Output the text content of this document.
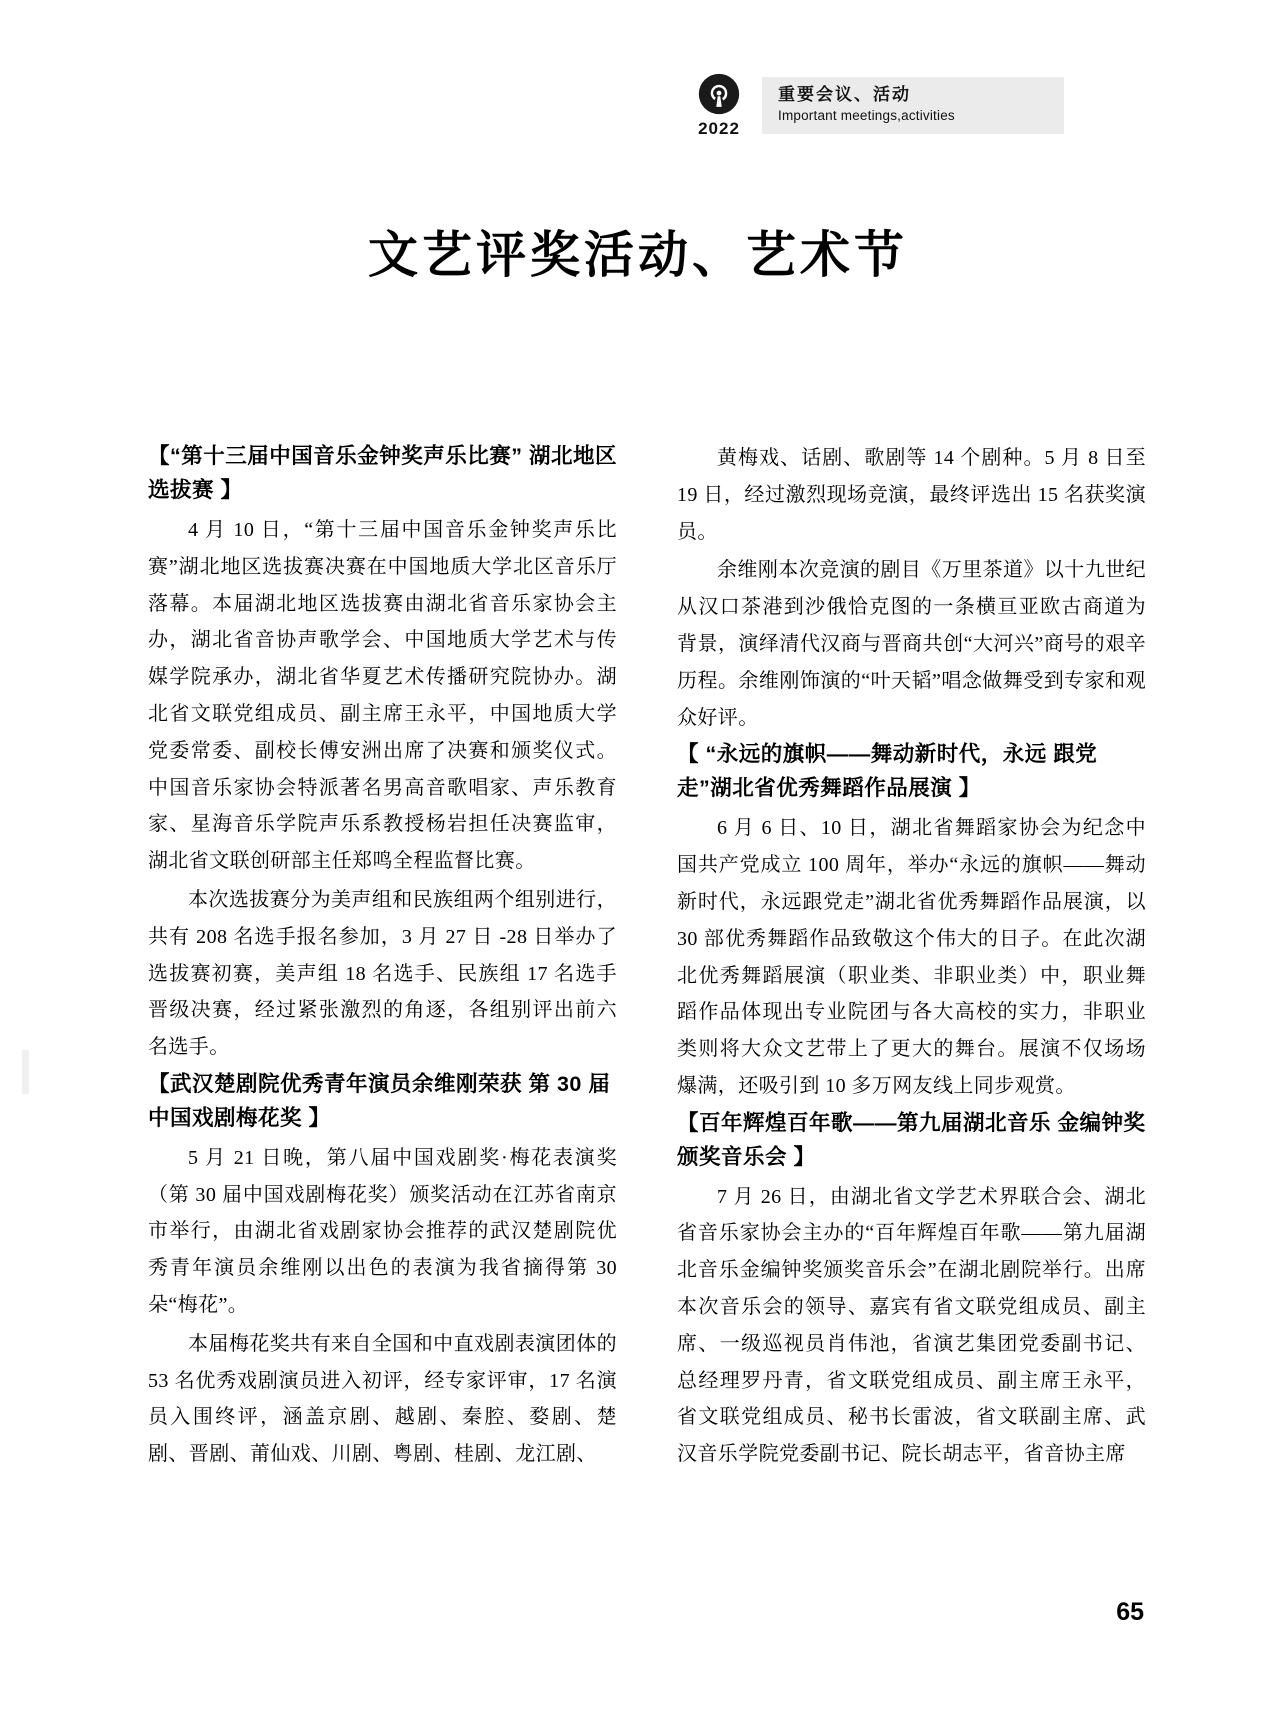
2022
重要会议、活动
Important meetings,activities
文艺评奖活动、艺术节
【“第十三届中国音乐金钟奖声乐比赛” 湖北地区选拔赛 】

4 月 10 日，“第十三届中国音乐金钟奖声乐比赛”湖北地区选拔赛决赛在中国地质大学北区音乐厅落幕。本届湖北地区选拔赛由湖北省音乐家协会主办，湖北省音协声歌学会、中国地质大学艺术与传媒学院承办，湖北省华夏艺术传播研究院协办。湖北省文联党组成员、副主席王永平，中国地质大学党委常委、副校长傅安洲出席了决赛和颁奖仪式。中国音乐家协会特派著名男高音歌唱家、声乐教育家、星海音乐学院声乐系教授杨岩担任决赛监审，湖北省文联创研部主任郑鸣全程监督比赛。

本次选拔赛分为美声组和民族组两个组别进行，共有 208 名选手报名参加，3 月 27 日 -28 日举办了选拔赛初赛，美声组 18 名选手、民族组 17 名选手晋级决赛，经过紧张激烈的角逐，各组别评出前六名选手。

【武汉楚剧院优秀青年演员余维刚荣获 第 30 届中国戏剧梅花奖 】

5 月 21 日晚，第八届中国戏剧奖·梅花表演奖（第 30 届中国戏剧梅花奖）颁奖活动在江苏省南京市举行，由湖北省戏剧家协会推荐的武汉楚剧院优秀青年演员余维刚以出色的表演为我省摘得第 30 朵“梅花”。

本届梅花奖共有来自全国和中直戏剧表演团体的 53 名优秀戏剧演员进入初评，经专家评审，17 名演员入围终评，涵盖京剧、越剧、秦腔、婺剧、楚剧、晋剧、莆仙戏、川剧、粤剧、桂剧、龙江剧、

黄梅戏、话剧、歌剧等 14 个剧种。5 月 8 日至 19 日，经过激烈现场竞演，最终评选出 15 名获奖演员。

余维刚本次竞演的剧目《万里茶道》以十九世纪从汉口茶港到沙俄恰克图的一条横亘亚欧古商道为背景，演绎清代汉商与晋商共创“大河兴”商号的艰辛历程。余维刚饰演的“叶天韬”唱念做舞受到专家和观众好评。

【 “永远的旗帜——舞动新时代，永远 跟党走”湖北省优秀舞蹈作品展演 】

6 月 6 日、10 日，湖北省舞蹈家协会为纪念中国共产党成立 100 周年，举办“永远的旗帜——舞动新时代，永远跟党走”湖北省优秀舞蹈作品展演，以 30 部优秀舞蹈作品致敬这个伟大的日子。在此次湖北优秀舞蹈展演（职业类、非职业类）中，职业舞蹈作品体现出专业院团与各大高校的实力，非职业类则将大众文艺带上了更大的舞台。展演不仅场场爆满，还吸引到 10 多万网友线上同步观赏。

【百年辉煌百年歌——第九届湖北音乐 金编钟奖颁奖音乐会 】

7 月 26 日，由湖北省文学艺术界联合会、湖北省音乐家协会主办的“百年辉煌百年歌——第九届湖北音乐金编钟奖颁奖音乐会”在湖北剧院举行。出席本次音乐会的领导、嘉宾有省文联党组成员、副主席、一级巡视员肖伟池，省演艺集团党委副书记、总经理罗丹青，省文联党组成员、副主席王永平，省文联党组成员、秘书长雷波，省文联副主席、武汉音乐学院党委副书记、院长胡志平，省音协主席

65
